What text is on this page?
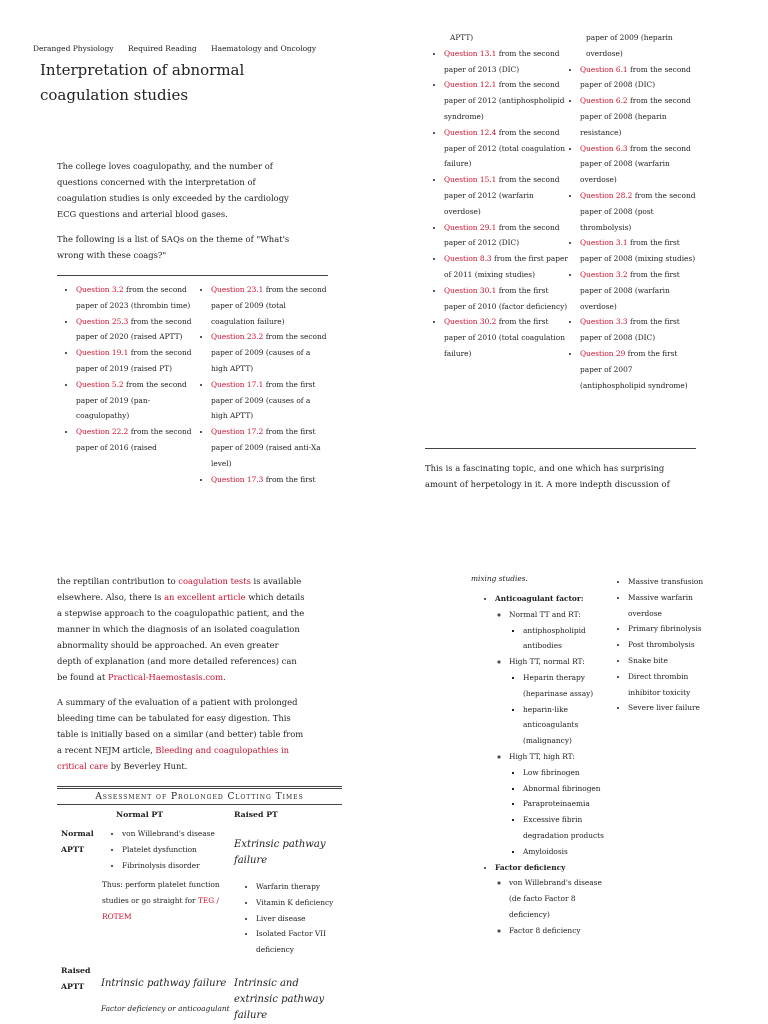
Deranged Physiology Required Reading Haematology and Oncology
Interpretation of abnormal coagulation studies

The college loves coagulopathy, and the number of questions concerned with the interpretation of coagulation studies is only exceeded by the cardiology ECG questions and arterial blood gases.

The following is a list of SAQs on the theme of "What's wrong with these coags?"

• Question 3.2 from the second paper of 2023 (thrombin time)
• Question 25.3 from the second paper of 2020 (raised APTT)
• Question 19.1 from the second paper of 2019 (raised PT)
• Question 5.2 from the second paper of 2019 (pan-coagulopathy)
• Question 22.2 from the second paper of 2016 (raised
• Question 23.1 from the second paper of 2009 (total coagulation failure)
• Question 23.2 from the second paper of 2009 (causes of a high APTT)
• Question 17.1 from the first paper of 2009 (causes of a high APTT)
• Question 17.2 from the first paper of 2009 (raised anti-Xa level)
• Question 17.3 from the first
APTT)
• Question 13.1 from the second paper of 2013 (DIC)
• Question 12.1 from the second paper of 2012 (antiphospholipid syndrome)
• Question 12.4 from the second paper of 2012 (total coagulation failure)
• Question 15.1 from the second paper of 2012 (warfarin overdose)
• Question 29.1 from the second paper of 2012 (DIC)
• Question 8.3 from the first paper of 2011 (mixing studies)
• Question 30.1 from the first paper of 2010 (factor deficiency)
• Question 30.2 from the first paper of 2010 (total coagulation failure)
paper of 2009 (heparin overdose)
• Question 6.1 from the second paper of 2008 (DIC)
• Question 6.2 from the second paper of 2008 (heparin resistance)
• Question 6.3 from the second paper of 2008 (warfarin overdose)
• Question 28.2 from the second paper of 2008 (post thrombolysis)
• Question 3.1 from the first paper of 2008 (mixing studies)
• Question 3.2 from the first paper of 2008 (warfarin overdose)
• Question 3.3 from the first paper of 2008 (DIC)
• Question 29 from the first paper of 2007 (antiphospholipid syndrome)

This is a fascinating topic, and one which has surprising amount of herpetology in it. A more indepth discussion of

the reptilian contribution to coagulation tests is available elsewhere. Also, there is an excellent article which details a stepwise approach to the coagulopathic patient, and the manner in which the diagnosis of an isolated coagulation abnormality should be approached. An even greater depth of explanation (and more detailed references) can be found at Practical-Haemostasis.com.

A summary of the evaluation of a patient with prolonged bleeding time can be tabulated for easy digestion. This table is initially based on a similar (and better) table from a recent NEJM article, Bleeding and coagulopathies in critical care by Beverley Hunt.

Assessment of Prolonged Clotting Times
Normal PT	Raised PT
Normal APTT
• von Willebrand's disease
• Platelet dysfunction
• Fibrinolysis disorder
Thus: perform platelet function studies or go straight for TEG / ROTEM
Extrinsic pathway failure
• Warfarin therapy
• Vitamin K deficiency
• Liver disease
• Isolated Factor VII deficiency
Raised APTT	Intrinsic pathway failure
Factor deficiency or anticoagulant
Intrinsic and extrinsic pathway failure
mixing studies.
• Anticoagulant factor:
◦ Normal TT and RT:
▪ antiphospholipid antibodies
◦ High TT, normal RT:
▪ Heparin therapy (heparinase assay)
▪ heparin-like anticoagulants (malignancy)
◦ High TT, high RT:
▪ Low fibrinogen
▪ Abnormal fibrinogen
▪ Paraproteinaemia
▪ Excessive fibrin degradation products
▪ Amyloidosis
• Factor deficiency
◦ von Willebrand's disease (de facto Factor 8 deficiency)
◦ Factor 8 deficiency
• Massive transfusion
• Massive warfarin overdose
• Primary fibrinolysis
• Post thrombolysis
• Snake bite
• Direct thrombin inhibitor toxicity
• Severe liver failure
